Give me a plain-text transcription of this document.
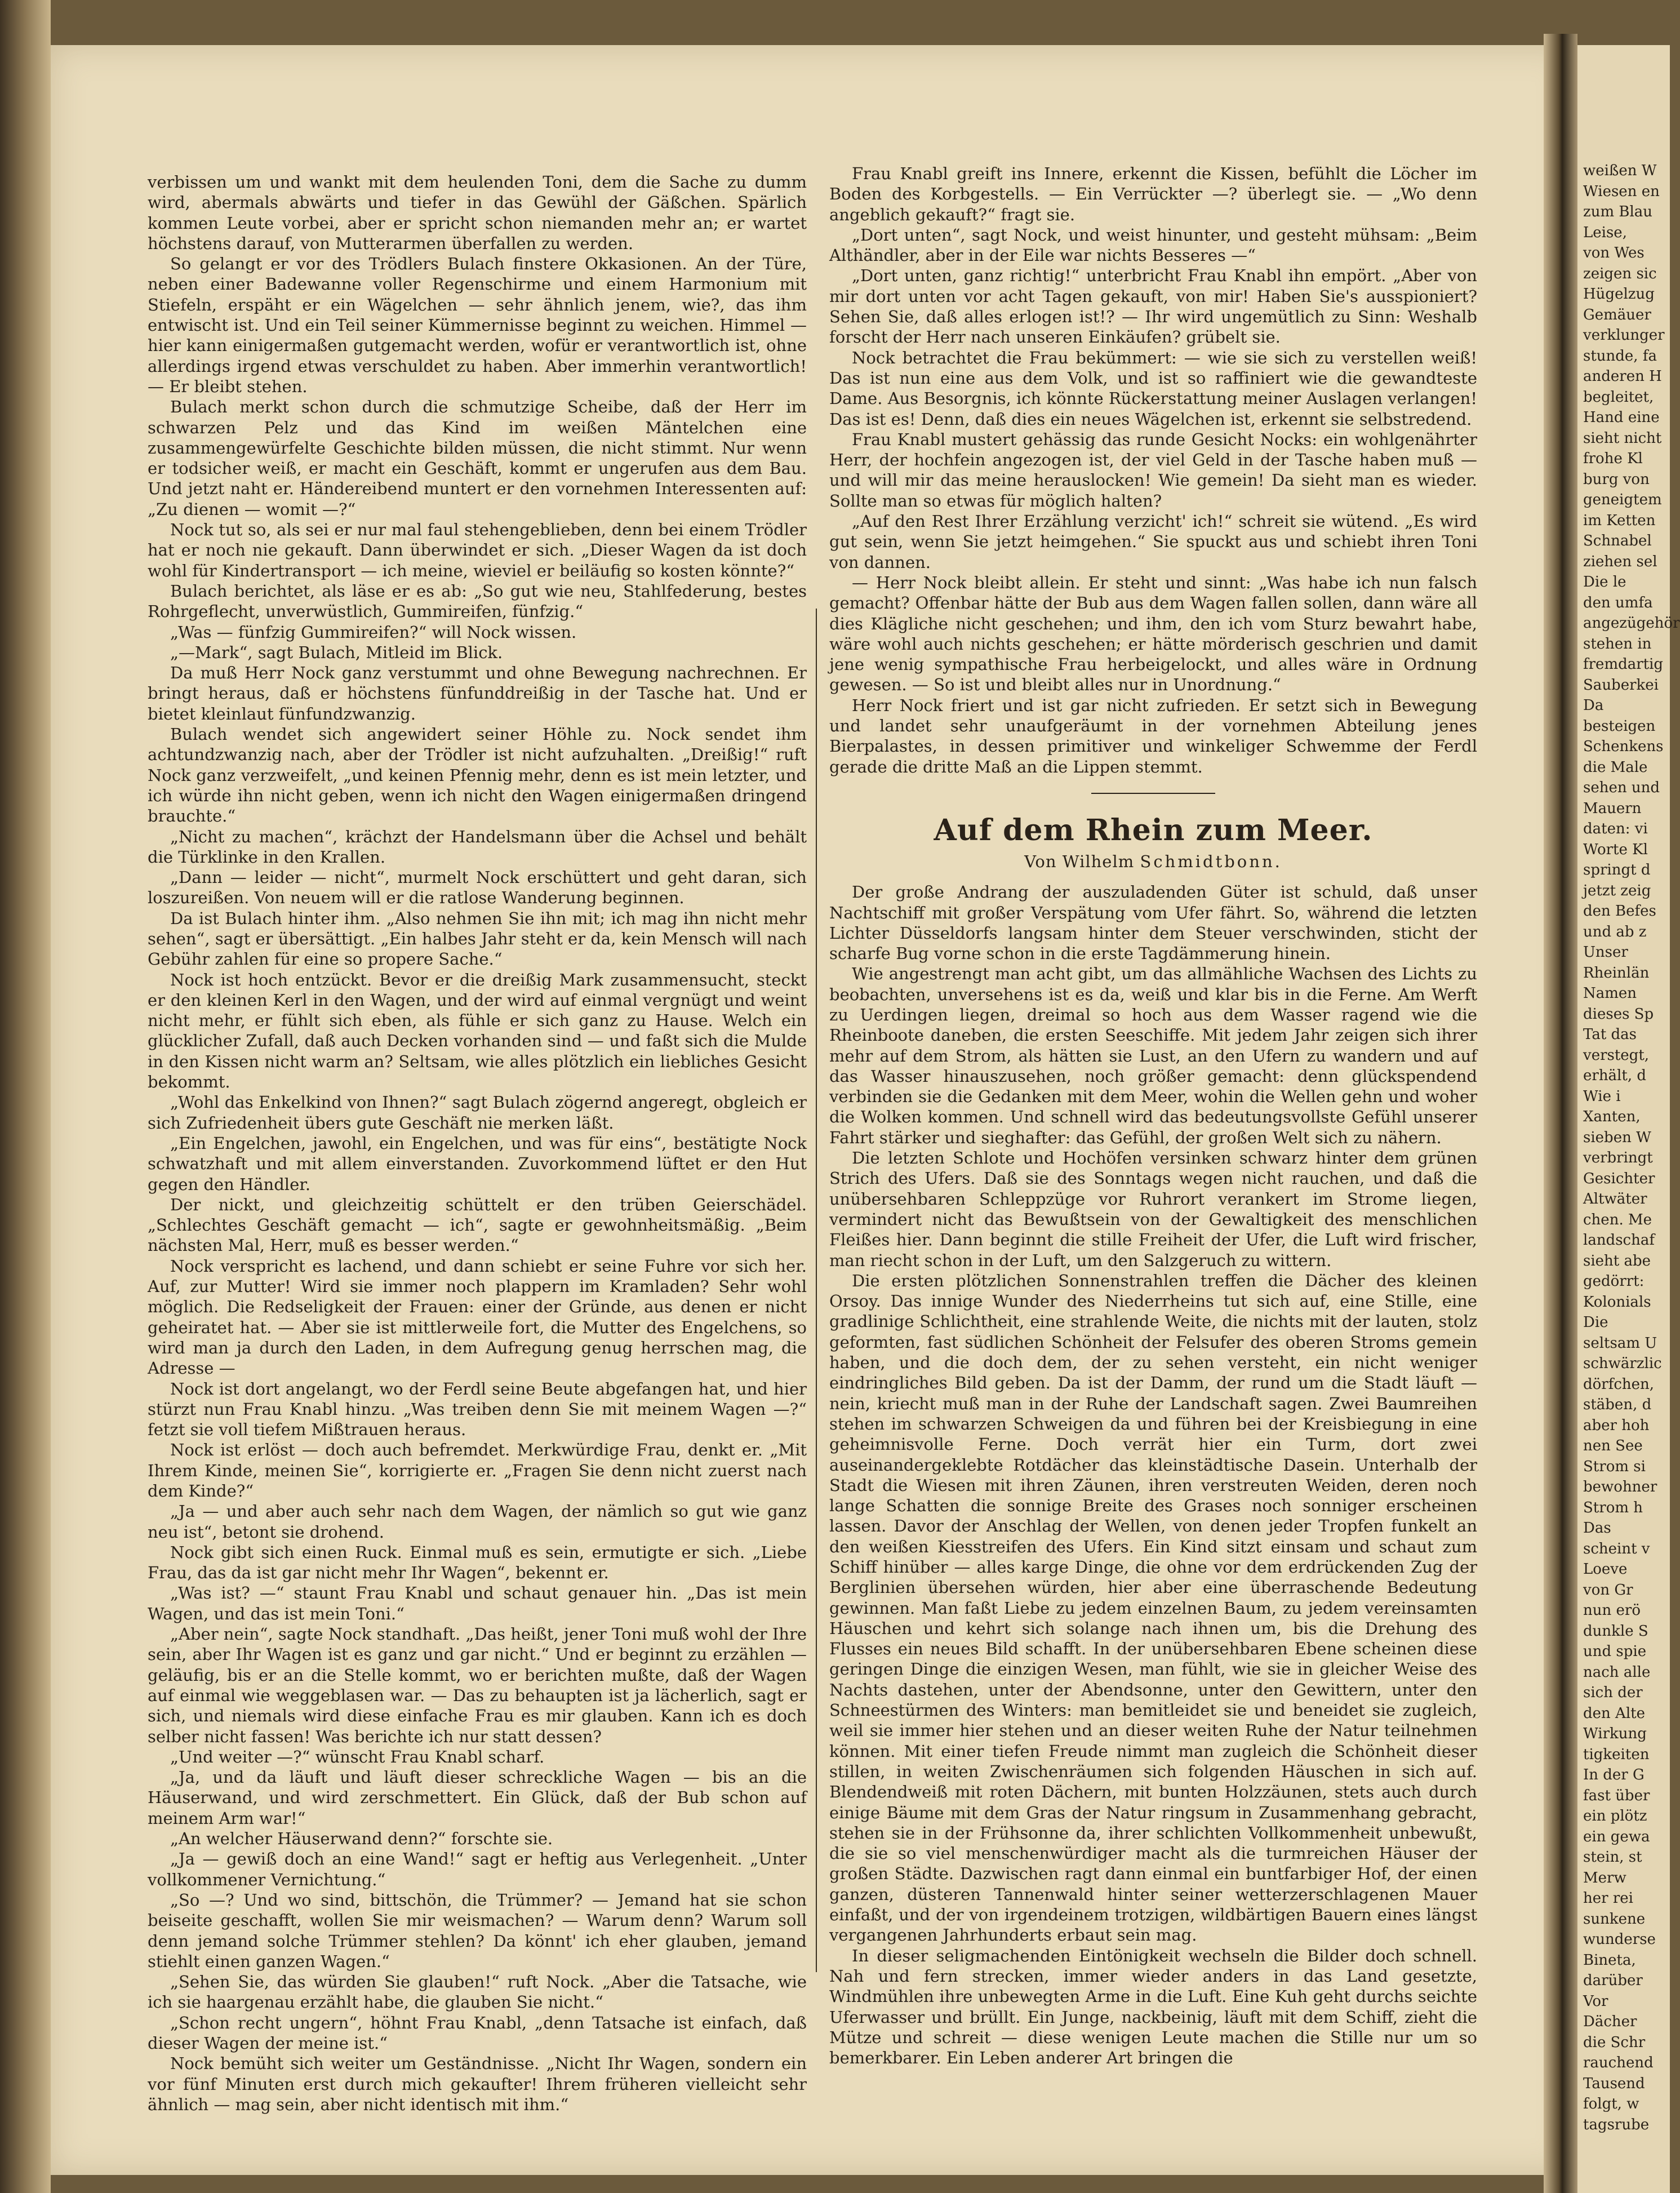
verbissen um und wankt mit dem heulenden Toni, dem die Sache zu dumm wird, abermals abwärts und tiefer in das Gewühl der Gäßchen. Spärlich kommen Leute vorbei, aber er spricht schon niemanden mehr an; er wartet höchstens darauf, von Mutterarmen überfallen zu werden.

So gelangt er vor des Trödlers Bulach finstere Okkasionen. An der Türe, neben einer Badewanne voller Regenschirme und einem Harmonium mit Stiefeln, erspäht er ein Wägelchen — sehr ähnlich jenem, wie?, das ihm entwischt ist. Und ein Teil seiner Kümmernisse beginnt zu weichen. Himmel — hier kann einigermaßen gutgemacht werden, wofür er verantwortlich ist, ohne allerdings irgend etwas verschuldet zu haben. Aber immerhin verantwortlich! — Er bleibt stehen.

Bulach merkt schon durch die schmutzige Scheibe, daß der Herr im schwarzen Pelz und das Kind im weißen Mäntelchen eine zusammengewürfelte Geschichte bilden müssen, die nicht stimmt. Nur wenn er todsicher weiß, er macht ein Geschäft, kommt er ungerufen aus dem Bau. Und jetzt naht er. Händereibend muntert er den vornehmen Interessenten auf: „Zu dienen — womit —?“

Nock tut so, als sei er nur mal faul stehengeblieben, denn bei einem Trödler hat er noch nie gekauft. Dann überwindet er sich. „Dieser Wagen da ist doch wohl für Kindertransport — ich meine, wieviel er beiläufig so kosten könnte?“

Bulach berichtet, als läse er es ab: „So gut wie neu, Stahlfederung, bestes Rohrgeflecht, unverwüstlich, Gummireifen, fünfzig.“

„Was — fünfzig Gummireifen?“ will Nock wissen.

„—Mark“, sagt Bulach, Mitleid im Blick.

Da muß Herr Nock ganz verstummt und ohne Bewegung nachrechnen. Er bringt heraus, daß er höchstens fünfunddreißig in der Tasche hat. Und er bietet kleinlaut fünfundzwanzig.

Bulach wendet sich angewidert seiner Höhle zu. Nock sendet ihm achtundzwanzig nach, aber der Trödler ist nicht aufzuhalten. „Dreißig!“ ruft Nock ganz verzweifelt, „und keinen Pfennig mehr, denn es ist mein letzter, und ich würde ihn nicht geben, wenn ich nicht den Wagen einigermaßen dringend brauchte.“

„Nicht zu machen“, krächzt der Handelsmann über die Achsel und behält die Türklinke in den Krallen.

„Dann — leider — nicht“, murmelt Nock erschüttert und geht daran, sich loszureißen. Von neuem will er die ratlose Wanderung beginnen.

Da ist Bulach hinter ihm. „Also nehmen Sie ihn mit; ich mag ihn nicht mehr sehen“, sagt er übersättigt. „Ein halbes Jahr steht er da, kein Mensch will nach Gebühr zahlen für eine so propere Sache.“

Nock ist hoch entzückt. Bevor er die dreißig Mark zusammensucht, steckt er den kleinen Kerl in den Wagen, und der wird auf einmal vergnügt und weint nicht mehr, er fühlt sich eben, als fühle er sich ganz zu Hause. Welch ein glücklicher Zufall, daß auch Decken vorhanden sind — und faßt sich die Mulde in den Kissen nicht warm an? Seltsam, wie alles plötzlich ein liebliches Gesicht bekommt.

„Wohl das Enkelkind von Ihnen?“ sagt Bulach zögernd angeregt, obgleich er sich Zufriedenheit übers gute Geschäft nie merken läßt.

„Ein Engelchen, jawohl, ein Engelchen, und was für eins“, bestätigte Nock schwatzhaft und mit allem einverstanden. Zuvorkommend lüftet er den Hut gegen den Händler.

Der nickt, und gleichzeitig schüttelt er den trüben Geierschädel. „Schlechtes Geschäft gemacht — ich“, sagte er gewohnheitsmäßig. „Beim nächsten Mal, Herr, muß es besser werden.“

Nock verspricht es lachend, und dann schiebt er seine Fuhre vor sich her. Auf, zur Mutter! Wird sie immer noch plappern im Kramladen? Sehr wohl möglich. Die Redseligkeit der Frauen: einer der Gründe, aus denen er nicht geheiratet hat. — Aber sie ist mittlerweile fort, die Mutter des Engelchens, so wird man ja durch den Laden, in dem Aufregung genug herrschen mag, die Adresse —

Nock ist dort angelangt, wo der Ferdl seine Beute abgefangen hat, und hier stürzt nun Frau Knabl hinzu. „Was treiben denn Sie mit meinem Wagen —?“ fetzt sie voll tiefem Mißtrauen heraus.

Nock ist erlöst — doch auch befremdet. Merkwürdige Frau, denkt er. „Mit Ihrem Kinde, meinen Sie“, korrigierte er. „Fragen Sie denn nicht zuerst nach dem Kinde?“

„Ja — und aber auch sehr nach dem Wagen, der nämlich so gut wie ganz neu ist“, betont sie drohend.

Nock gibt sich einen Ruck. Einmal muß es sein, ermutigte er sich. „Liebe Frau, das da ist gar nicht mehr Ihr Wagen“, bekennt er.

„Was ist? —“ staunt Frau Knabl und schaut genauer hin. „Das ist mein Wagen, und das ist mein Toni.“

„Aber nein“, sagte Nock standhaft. „Das heißt, jener Toni muß wohl der Ihre sein, aber Ihr Wagen ist es ganz und gar nicht.“ Und er beginnt zu erzählen — geläufig, bis er an die Stelle kommt, wo er berichten mußte, daß der Wagen auf einmal wie weggeblasen war. — Das zu behaupten ist ja lächerlich, sagt er sich, und niemals wird diese einfache Frau es mir glauben. Kann ich es doch selber nicht fassen! Was berichte ich nur statt dessen?

„Und weiter —?“ wünscht Frau Knabl scharf.

„Ja, und da läuft und läuft dieser schreckliche Wagen — bis an die Häuserwand, und wird zerschmettert. Ein Glück, daß der Bub schon auf meinem Arm war!“

„An welcher Häuserwand denn?“ forschte sie.

„Ja — gewiß doch an eine Wand!“ sagt er heftig aus Verlegenheit. „Unter vollkommener Vernichtung.“

„So —? Und wo sind, bittschön, die Trümmer? — Jemand hat sie schon beiseite geschafft, wollen Sie mir weismachen? — Warum denn? Warum soll denn jemand solche Trümmer stehlen? Da könnt' ich eher glauben, jemand stiehlt einen ganzen Wagen.“

„Sehen Sie, das würden Sie glauben!“ ruft Nock. „Aber die Tatsache, wie ich sie haargenau erzählt habe, die glauben Sie nicht.“

„Schon recht ungern“, höhnt Frau Knabl, „denn Tatsache ist einfach, daß dieser Wagen der meine ist.“

Nock bemüht sich weiter um Geständnisse. „Nicht Ihr Wagen, sondern ein vor fünf Minuten erst durch mich gekaufter! Ihrem früheren vielleicht sehr ähnlich — mag sein, aber nicht identisch mit ihm.“

Frau Knabl greift ins Innere, erkennt die Kissen, befühlt die Löcher im Boden des Korbgestells. — Ein Verrückter —? überlegt sie. — „Wo denn angeblich gekauft?“ fragt sie.

„Dort unten“, sagt Nock, und weist hinunter, und gesteht mühsam: „Beim Althändler, aber in der Eile war nichts Besseres —“

„Dort unten, ganz richtig!“ unterbricht Frau Knabl ihn empört. „Aber von mir dort unten vor acht Tagen gekauft, von mir! Haben Sie's ausspioniert? Sehen Sie, daß alles erlogen ist!? — Ihr wird ungemütlich zu Sinn: Weshalb forscht der Herr nach unseren Einkäufen? grübelt sie.

Nock betrachtet die Frau bekümmert: — wie sie sich zu verstellen weiß! Das ist nun eine aus dem Volk, und ist so raffiniert wie die gewandteste Dame. Aus Besorgnis, ich könnte Rückerstattung meiner Auslagen verlangen! Das ist es! Denn, daß dies ein neues Wägelchen ist, erkennt sie selbstredend.

Frau Knabl mustert gehässig das runde Gesicht Nocks: ein wohlgenährter Herr, der hochfein angezogen ist, der viel Geld in der Tasche haben muß — und will mir das meine herauslocken! Wie gemein! Da sieht man es wieder. Sollte man so etwas für möglich halten?

„Auf den Rest Ihrer Erzählung verzicht' ich!“ schreit sie wütend. „Es wird gut sein, wenn Sie jetzt heimgehen.“ Sie spuckt aus und schiebt ihren Toni von dannen.

— Herr Nock bleibt allein. Er steht und sinnt: „Was habe ich nun falsch gemacht? Offenbar hätte der Bub aus dem Wagen fallen sollen, dann wäre all dies Klägliche nicht geschehen; und ihm, den ich vom Sturz bewahrt habe, wäre wohl auch nichts geschehen; er hätte mörderisch geschrien und damit jene wenig sympathische Frau herbeigelockt, und alles wäre in Ordnung gewesen. — So ist und bleibt alles nur in Unordnung.“

Herr Nock friert und ist gar nicht zufrieden. Er setzt sich in Bewegung und landet sehr unaufgeräumt in der vornehmen Abteilung jenes Bierpalastes, in dessen primitiver und winkeliger Schwemme der Ferdl gerade die dritte Maß an die Lippen stemmt.

Auf dem Rhein zum Meer.
Von Wilhelm Schmidtbonn.

Der große Andrang der auszuladenden Güter ist schuld, daß unser Nachtschiff mit großer Verspätung vom Ufer fährt. So, während die letzten Lichter Düsseldorfs langsam hinter dem Steuer verschwinden, sticht der scharfe Bug vorne schon in die erste Tagdämmerung hinein.

Wie angestrengt man acht gibt, um das allmähliche Wachsen des Lichts zu beobachten, unversehens ist es da, weiß und klar bis in die Ferne. Am Werft zu Uerdingen liegen, dreimal so hoch aus dem Wasser ragend wie die Rheinboote daneben, die ersten Seeschiffe. Mit jedem Jahr zeigen sich ihrer mehr auf dem Strom, als hätten sie Lust, an den Ufern zu wandern und auf das Wasser hinauszusehen, noch größer gemacht: denn glückspendend verbinden sie die Gedanken mit dem Meer, wohin die Wellen gehn und woher die Wolken kommen. Und schnell wird das bedeutungsvollste Gefühl unserer Fahrt stärker und sieghafter: das Gefühl, der großen Welt sich zu nähern.

Die letzten Schlote und Hochöfen versinken schwarz hinter dem grünen Strich des Ufers. Daß sie des Sonntags wegen nicht rauchen, und daß die unübersehbaren Schleppzüge vor Ruhrort verankert im Strome liegen, vermindert nicht das Bewußtsein von der Gewaltigkeit des menschlichen Fleißes hier. Dann beginnt die stille Freiheit der Ufer, die Luft wird frischer, man riecht schon in der Luft, um den Salzgeruch zu wittern.

Die ersten plötzlichen Sonnenstrahlen treffen die Dächer des kleinen Orsoy. Das innige Wunder des Niederrheins tut sich auf, eine Stille, eine gradlinige Schlichtheit, eine strahlende Weite, die nichts mit der lauten, stolz geformten, fast südlichen Schönheit der Felsufer des oberen Stroms gemein haben, und die doch dem, der zu sehen versteht, ein nicht weniger eindringliches Bild geben. Da ist der Damm, der rund um die Stadt läuft — nein, kriecht muß man in der Ruhe der Landschaft sagen. Zwei Baumreihen stehen im schwarzen Schweigen da und führen bei der Kreisbiegung in eine geheimnisvolle Ferne. Doch verrät hier ein Turm, dort zwei auseinandergeklebte Rotdächer das kleinstädtische Dasein. Unterhalb der Stadt die Wiesen mit ihren Zäunen, ihren verstreuten Weiden, deren noch lange Schatten die sonnige Breite des Grases noch sonniger erscheinen lassen. Davor der Anschlag der Wellen, von denen jeder Tropfen funkelt an den weißen Kiesstreifen des Ufers. Ein Kind sitzt einsam und schaut zum Schiff hinüber — alles karge Dinge, die ohne vor dem erdrückenden Zug der Berglinien übersehen würden, hier aber eine überraschende Bedeutung gewinnen. Man faßt Liebe zu jedem einzelnen Baum, zu jedem vereinsamten Häuschen und kehrt sich solange nach ihnen um, bis die Drehung des Flusses ein neues Bild schafft. In der unübersehbaren Ebene scheinen diese geringen Dinge die einzigen Wesen, man fühlt, wie sie in gleicher Weise des Nachts dastehen, unter der Abendsonne, unter den Gewittern, unter den Schneestürmen des Winters: man bemitleidet sie und beneidet sie zugleich, weil sie immer hier stehen und an dieser weiten Ruhe der Natur teilnehmen können. Mit einer tiefen Freude nimmt man zugleich die Schönheit dieser stillen, in weiten Zwischenräumen sich folgenden Häuschen in sich auf. Blendendweiß mit roten Dächern, mit bunten Holzzäunen, stets auch durch einige Bäume mit dem Gras der Natur ringsum in Zusammenhang gebracht, stehen sie in der Frühsonne da, ihrer schlichten Vollkommenheit unbewußt, die sie so viel menschenwürdiger macht als die turmreichen Häuser der großen Städte. Dazwischen ragt dann einmal ein buntfarbiger Hof, der einen ganzen, düsteren Tannenwald hinter seiner wetterzerschlagenen Mauer einfaßt, und der von irgendeinem trotzigen, wildbärtigen Bauern eines längst vergangenen Jahrhunderts erbaut sein mag.

In dieser seligmachenden Eintönigkeit wechseln die Bilder doch schnell. Nah und fern strecken, immer wieder anders in das Land gesetzte, Windmühlen ihre unbewegten Arme in die Luft. Eine Kuh geht durchs seichte Uferwasser und brüllt. Ein Junge, nackbeinig, läuft mit dem Schiff, zieht die Mütze und schreit — diese wenigen Leute machen die Stille nur um so bemerkbarer. Ein Leben anderer Art bringen die

weißen W
Wiesen en
zum Blau
Leise,
von Wes
zeigen sic
Hügelzug
Gemäuer
verklunger
stunde, fa
anderen H
begleitet,
Hand eine
sieht nicht
frohe Kl
burg von
geneigtem
im Ketten
Schnabel
ziehen sel
Die le
den umfa
angezügehör
stehen in
fremdartig
Sauberkei
Da
besteigen
Schenkens
die Male
sehen und
Mauern
daten: vi
Worte Kl
springt d
jetzt zeig
den Befes
und ab z
Unser
Rheinlän
Namen
dieses Sp
Tat das
verstegt,
erhält, d
Wie i
Xanten,
sieben W
verbringt
Gesichter
Altwäter
chen. Me
landschaf
sieht abe
gedörrt:
Kolonials
Die
seltsam U
schwärzlic
dörfchen,
stäben, d
aber hoh
nen See
Strom si
bewohner
Strom h
Das
scheint v
Loeve
von Gr
nun erö
dunkle S
und spie
nach alle
sich der
den Alte
Wirkung
tigkeiten
In der G
fast über
ein plötz
ein gewa
stein, st
Merw
her rei
sunkene
wunderse
Bineta,
darüber
Vor
Dächer
die Schr
rauchend
Tausend
folgt, w
tagsrube
